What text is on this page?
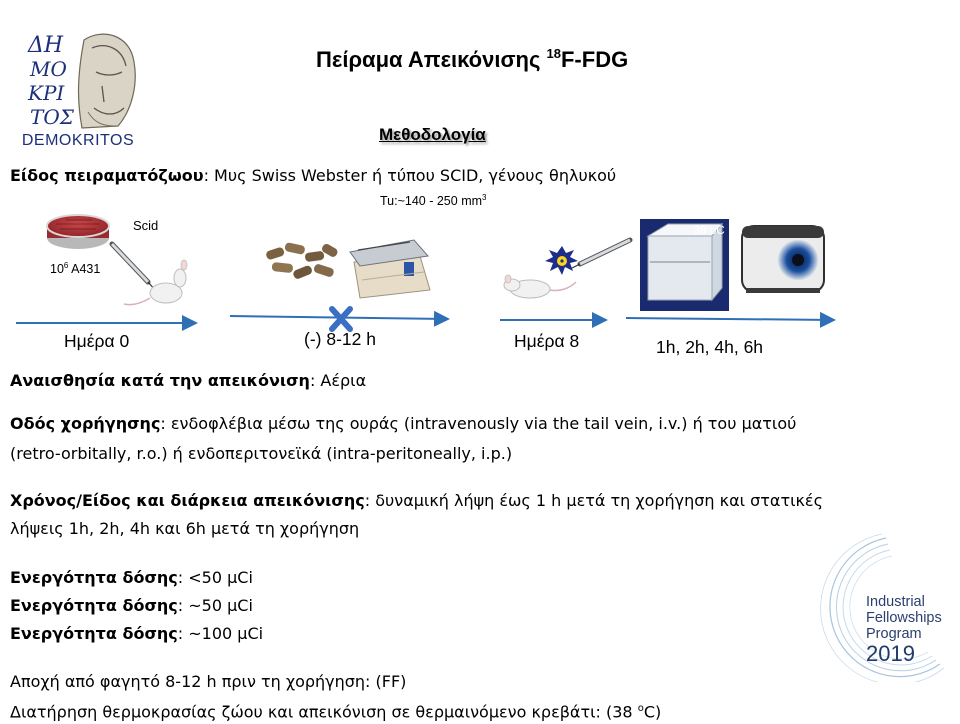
ΔΗ
ΜΟ
ΚΡΙ
ΤΟΣ
DEMOKRITOS
Πείραμα Απεικόνισης $^{18}$F-FDG
Μεθοδολογία
Είδος πειραματόζωου: Μυς Swiss Webster ή τύπου SCID, γένους θηλυκού
Tu:~140 - 250 $mm^3$
Scid
$10^6$ A431
38 oC
Ημέρα 0	(-) 8-12 h	Ημέρα 8	1h, 2h, 4h, 6h
Αναισθησία κατά την απεικόνιση: Αέρια
Οδός χορήγησης: ενδοφλέβια μέσω της ουράς (intravenously via the tail vein, i.v.) ή του ματιού
(retro-orbitally, r.o.) ή ενδοπεριτονεϊκά (intra-peritoneally, i.p.)
Χρόνος/Είδος και διάρκεια απεικόνισης: δυναμική λήψη έως 1 h μετά τη χορήγηση και στατικές
λήψεις 1h, 2h, 4h και 6h μετά τη χορήγηση
Ενεργότητα δόσης: <50 μCi
Ενεργότητα δόσης: ~50 μCi
Ενεργότητα δόσης: ~100 μCi
Αποχή από φαγητό 8-12 h πριν τη χορήγηση: (FF)
Διατήρηση θερμοκρασίας ζώου και απεικόνιση σε θερμαινόμενο κρεβάτι: (38 $^o$C)
Industrial
Fellowships
Program
2019
